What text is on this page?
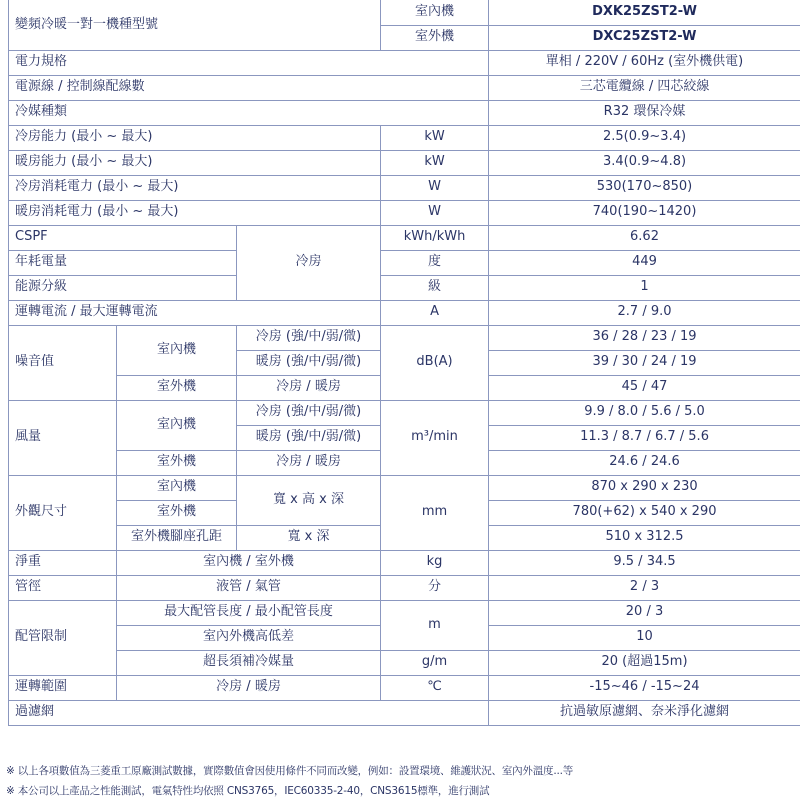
變頻冷暖一對一機種型號			室內機	DXK25ZST2-W
			室外機	DXC25ZST2-W
電力規格				單相 / 220V / 60Hz (室外機供電)
電源線 / 控制線配線數				三芯電纜線 / 四芯絞線
冷媒種類				R32 環保冷媒
冷房能力 (最小 ~ 最大)			kW	2.5(0.9~3.4)
暖房能力 (最小 ~ 最大)			kW	3.4(0.9~4.8)
冷房消耗電力 (最小 ~ 最大)			W	530(170~850)
暖房消耗電力 (最小 ~ 最大)			W	740(190~1420)
CSPF		冷房	kWh/kWh	6.62
年耗電量			度	449
能源分級			級	1
運轉電流 / 最大運轉電流			A	2.7 / 9.0
噪音值	室內機	冷房 (強/中/弱/微)	dB(A)	36 / 28 / 23 / 19
		暖房 (強/中/弱/微)		39 / 30 / 24 / 19
	室外機	冷房 / 暖房		45 / 47
風量	室內機	冷房 (強/中/弱/微)	m³/min	9.9 / 8.0 / 5.6 / 5.0
		暖房 (強/中/弱/微)		11.3 / 8.7 / 6.7 / 5.6
	室外機	冷房 / 暖房		24.6 / 24.6
外觀尺寸	室內機	寬 x 高 x 深	mm	870 x 290 x 230
	室外機			780(+62) x 540 x 290
	室外機腳座孔距	寬 x 深		510 x 312.5
淨重	室內機 / 室外機		kg	9.5 / 34.5
管徑	液管 / 氣管		分	2 / 3
配管限制	最大配管長度 / 最小配管長度		m	20 / 3
	室內外機高低差			10
	超長須補冷媒量		g/m	20 (超過15m)
運轉範圍	冷房 / 暖房		℃	-15~46 / -15~24
過濾網				抗過敏原濾網、奈米淨化濾網
※ 以上各項數值為三菱重工原廠測試數據，實際數值會因使用條件不同而改變，例如：設置環境、維護狀況、室內外溫度...等
※ 本公司以上產品之性能測試，電氣特性均依照 CNS3765，IEC60335-2-40，CNS3615標準，進行測試
